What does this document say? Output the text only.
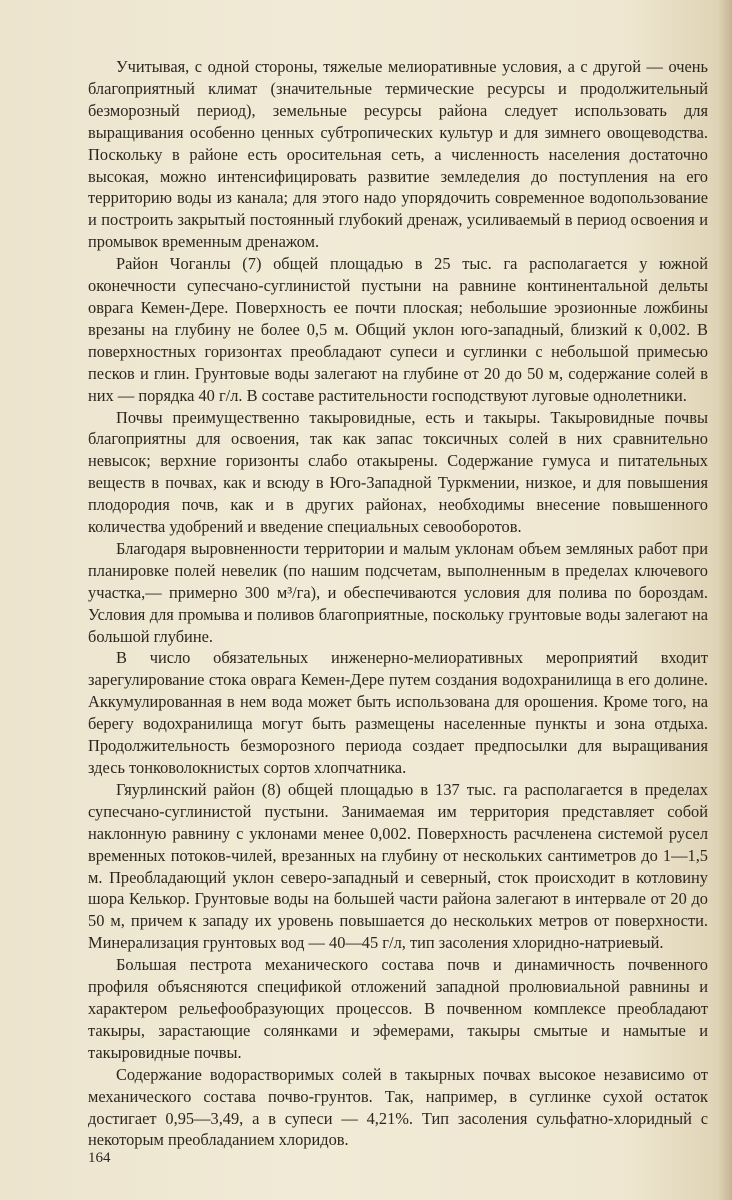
Учитывая, с одной стороны, тяжелые мелиоративные условия, а с другой — очень благоприятный климат (значительные термические ресурсы и продолжительный безморозный период), земельные ресурсы района следует использовать для выращивания особенно ценных субтропических культур и для зимнего овощеводства. Поскольку в районе есть оросительная сеть, а численность населения достаточно высокая, можно интенсифицировать развитие земледелия до поступления на его территорию воды из канала; для этого надо упорядочить современное водопользование и построить закрытый постоянный глубокий дренаж, усиливаемый в период освоения и промывок временным дренажом.

Район Чоганлы (7) общей площадью в 25 тыс. га располагается у южной оконечности супесчано-суглинистой пустыни на равнине континентальной дельты оврага Кемен-Дере. Поверхность ее почти плоская; небольшие эрозионные ложбины врезаны на глубину не более 0,5 м. Общий уклон юго-западный, близкий к 0,002. В поверхностных горизонтах преобладают супеси и суглинки с небольшой примесью песков и глин. Грунтовые воды залегают на глубине от 20 до 50 м, содержание солей в них — порядка 40 г/л. В составе растительности господствуют луговые однолетники.

Почвы преимущественно такыровидные, есть и такыры. Такыровидные почвы благоприятны для освоения, так как запас токсичных солей в них сравнительно невысок; верхние горизонты слабо отакырены. Содержание гумуса и питательных веществ в почвах, как и всюду в Юго-Западной Туркмении, низкое, и для повышения плодородия почв, как и в других районах, необходимы внесение повышенного количества удобрений и введение специальных севооборотов.

Благодаря выровненности территории и малым уклонам объем земляных работ при планировке полей невелик (по нашим подсчетам, выполненным в пределах ключевого участка,— примерно 300 м³/га), и обеспечиваются условия для полива по бороздам. Условия для промыва и поливов благоприятные, поскольку грунтовые воды залегают на большой глубине.

В число обязательных инженерно-мелиоративных мероприятий входит зарегулирование стока оврага Кемен-Дере путем создания водохранилища в его долине. Аккумулированная в нем вода может быть использована для орошения. Кроме того, на берегу водохранилища могут быть размещены населенные пункты и зона отдыха. Продолжительность безморозного периода создает предпосылки для выращивания здесь тонковолокнистых сортов хлопчатника.

Гяурлинский район (8) общей площадью в 137 тыс. га располагается в пределах супесчано-суглинистой пустыни. Занимаемая им территория представляет собой наклонную равнину с уклонами менее 0,002. Поверхность расчленена системой русел временных потоков-чилей, врезанных на глубину от нескольких сантиметров до 1—1,5 м. Преобладающий уклон северо-западный и северный, сток происходит в котловину шора Келькор. Грунтовые воды на большей части района залегают в интервале от 20 до 50 м, причем к западу их уровень повышается до нескольких метров от поверхности. Минерализация грунтовых вод — 40—45 г/л, тип засоления хлоридно-натриевый.

Большая пестрота механического состава почв и динамичность почвенного профиля объясняются спецификой отложений западной пролювиальной равнины и характером рельефообразующих процессов. В почвенном комплексе преобладают такыры, зарастающие солянками и эфемерами, такыры смытые и намытые и такыровидные почвы.

Содержание водорастворимых солей в такырных почвах высокое независимо от механического состава почво-грунтов. Так, например, в суглинке сухой остаток достигает 0,95—3,49, а в супеси — 4,21%. Тип засоления сульфатно-хлоридный с некоторым преобладанием хлоридов.

164
